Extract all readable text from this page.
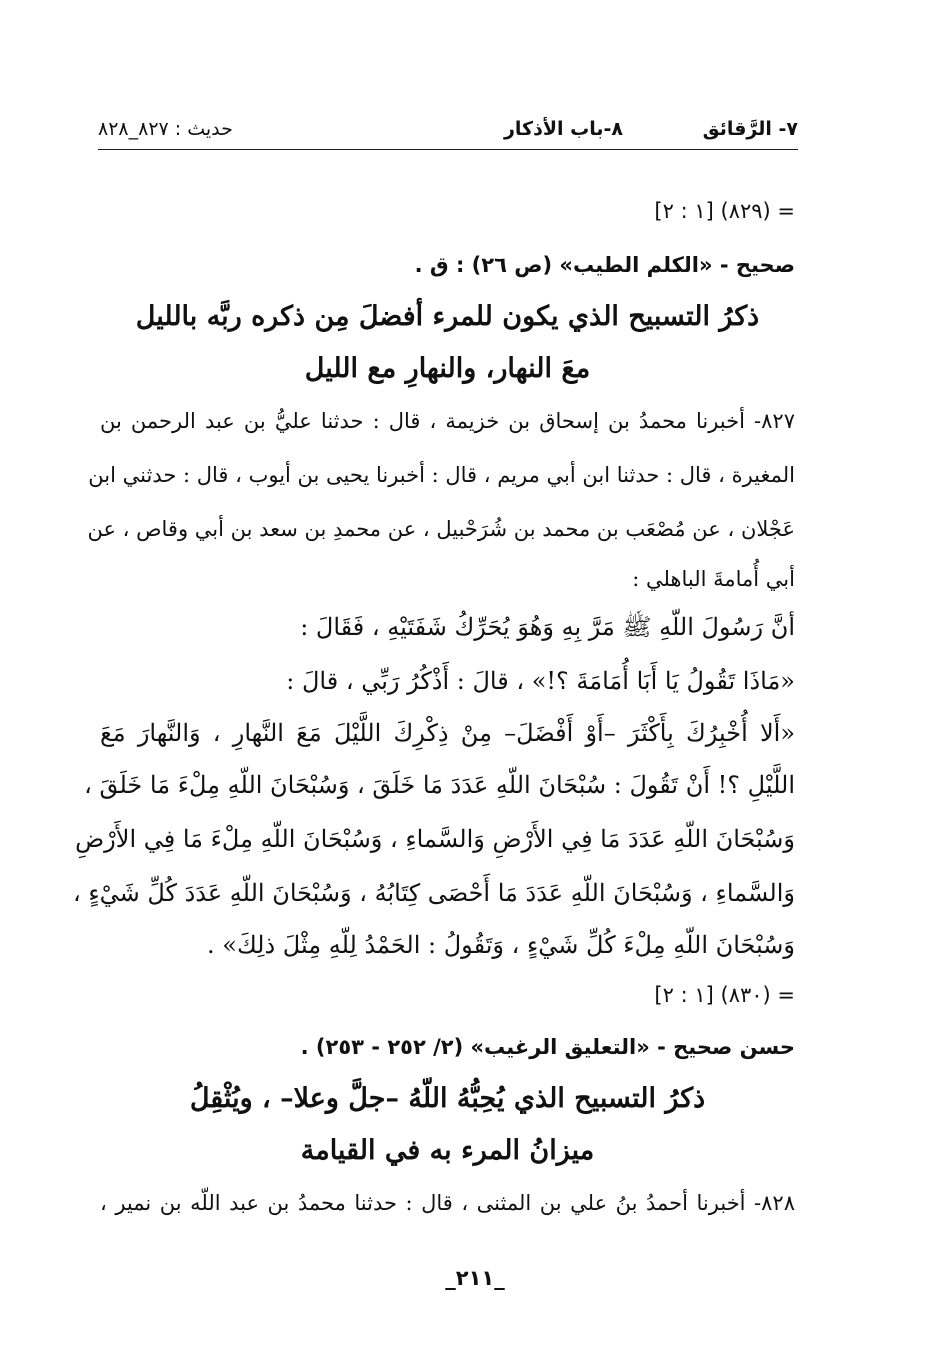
٧- الرَّقائق
٨-باب الأذكار
حديث : ٨٢٧_٨٢٨
= (٨٢٩) [١ : ٢]
صحيح - «الكلم الطيب» (ص ٢٦) : ق .
ذكرُ التسبيح الذي يكون للمرء أفضلَ مِن ذكره ربَّه بالليل
معَ النهار، والنهارِ مع الليل
٨٢٧- أخبرنا محمدُ بن إسحاق بن خزيمة ، قال : حدثنا عليُّ بن عبد الرحمن بن
المغيرة ، قال : حدثنا ابن أبي مريم ، قال : أخبرنا يحيى بن أيوب ، قال : حدثني ابن
عَجْلان ، عن مُصْعَب بن محمد بن شُرَحْبيل ، عن محمدِ بن سعد بن أبي وقاص ، عن
أبي أُمامةَ الباهلي :
أنَّ رَسُولَ اللّهِ ﷺ مَرَّ بِهِ وَهُوَ يُحَرِّكُ شَفَتَيْهِ ، فَقَالَ :
«مَاذَا تَقُولُ يَا أَبَا أُمَامَةَ ؟!» ، قالَ : أَذْكُرُ رَبِّي ، قالَ :
«أَلا أُخْبِرُكَ بِأَكْثَرَ –أَوْ أَفْضَلَ– مِنْ ذِكْرِكَ اللَّيْلَ مَعَ النَّهارِ ، وَالنَّهارَ مَعَ
اللَّيْلِ ؟! أَنْ تَقُولَ : سُبْحَانَ اللّهِ عَدَدَ مَا خَلَقَ ، وَسُبْحَانَ اللّهِ مِلْءَ مَا خَلَقَ ،
وَسُبْحَانَ اللّهِ عَدَدَ مَا فِي الأَرْضِ وَالسَّماءِ ، وَسُبْحَانَ اللّهِ مِلْءَ مَا فِي الأَرْضِ
وَالسَّماءِ ، وَسُبْحَانَ اللّهِ عَدَدَ مَا أَحْصَى كِتَابُهُ ، وَسُبْحَانَ اللّهِ عَدَدَ كُلِّ شَيْءٍ ،
وَسُبْحَانَ اللّهِ مِلْءَ كُلِّ شَيْءٍ ، وَتَقُولُ : الحَمْدُ لِلّهِ مِثْلَ ذلِكَ» .
= (٨٣٠) [١ : ٢]
حسن صحيح - «التعليق الرغيب» (٢/ ٢٥٢ - ٢٥٣) .
ذكرُ التسبيح الذي يُحِبُّهُ اللّهُ –جلَّ وعلا– ، ويُثْقِلُ
ميزانُ المرء به في القيامة
٨٢٨- أخبرنا أحمدُ بنُ علي بن المثنى ، قال : حدثنا محمدُ بن عبد اللّه بن نمير ،
_٢١١_
